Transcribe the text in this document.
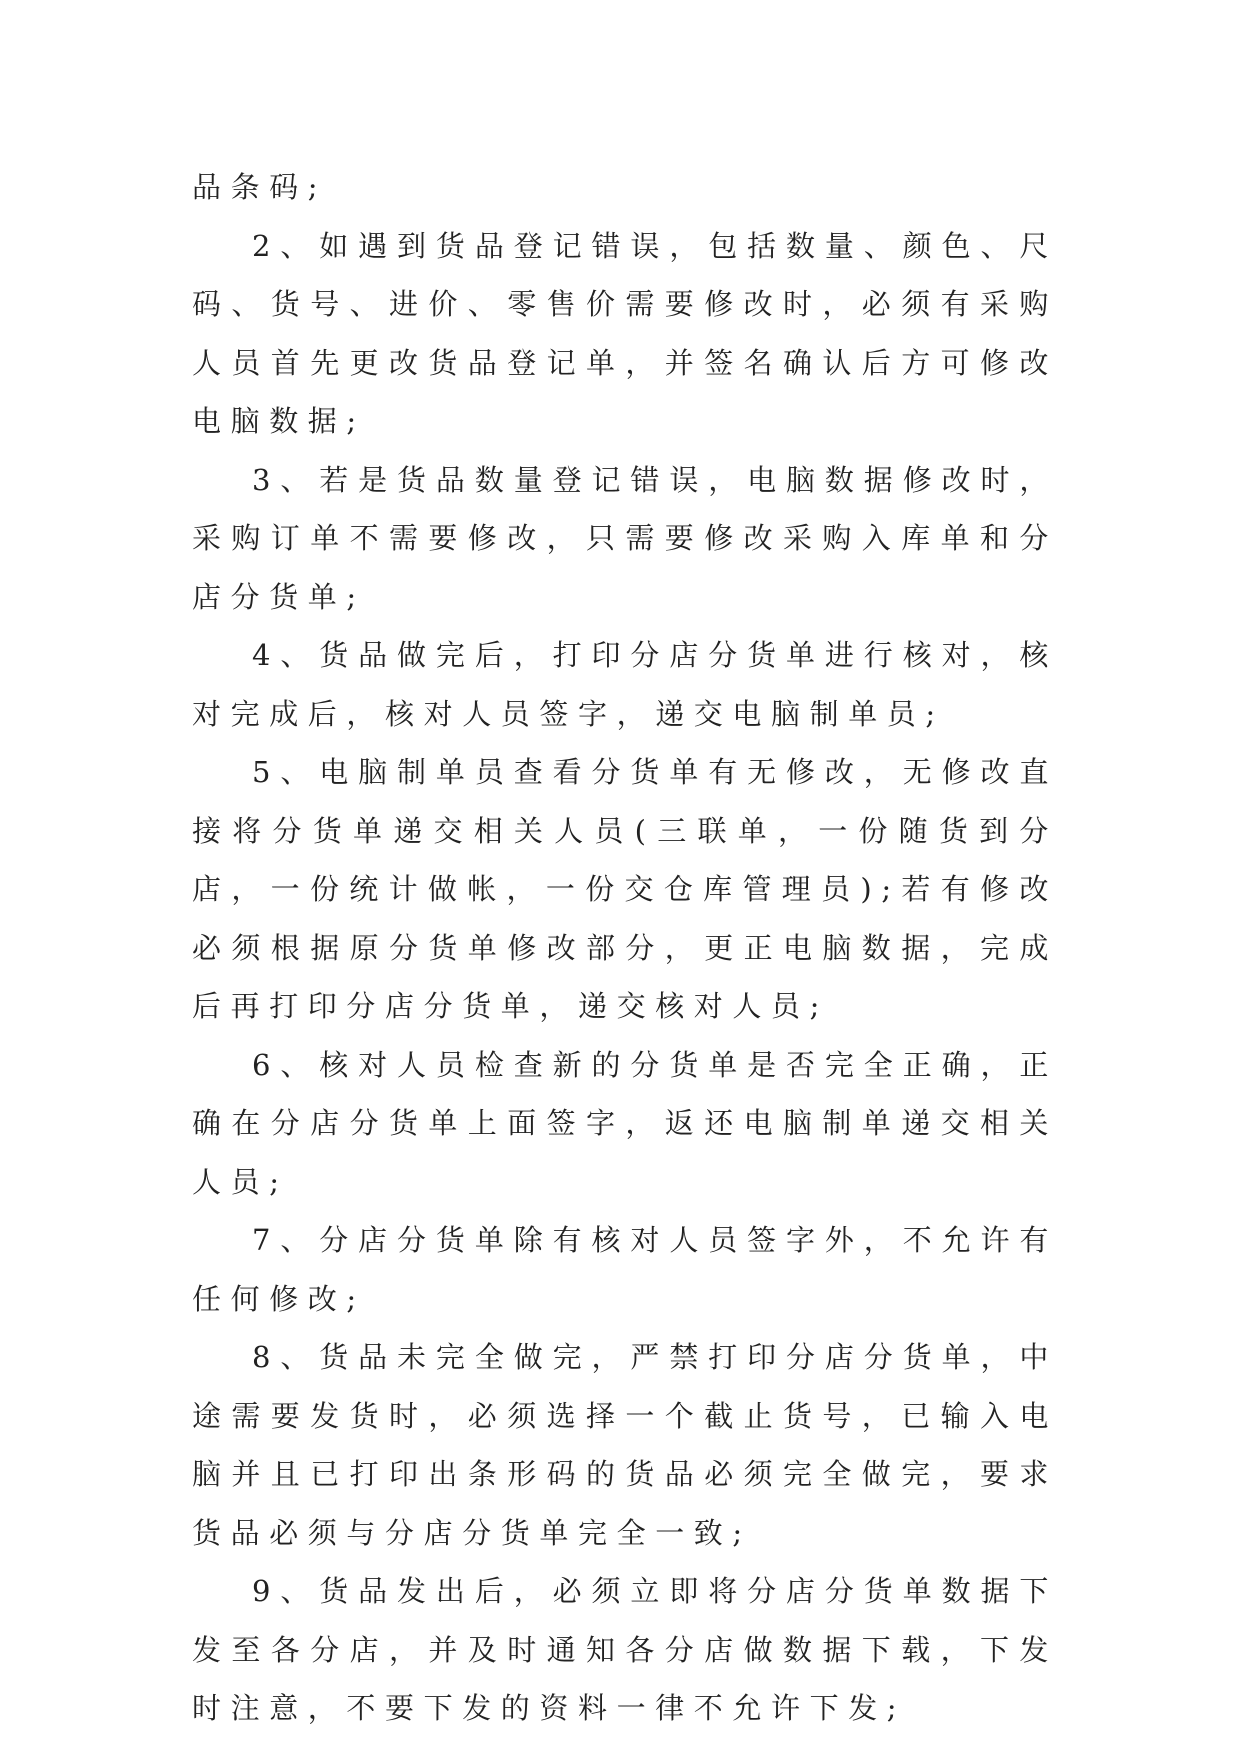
品条码;

2、如遇到货品登记错误，包括数量、颜色、尺码、货号、进价、零售价需要修改时，必须有采购人员首先更改货品登记单，并签名确认后方可修改电脑数据;

3、若是货品数量登记错误，电脑数据修改时，采购订单不需要修改，只需要修改采购入库单和分店分货单;

4、货品做完后，打印分店分货单进行核对，核对完成后，核对人员签字，递交电脑制单员;

5、电脑制单员查看分货单有无修改，无修改直接将分货单递交相关人员(三联单，一份随货到分店，一份统计做帐，一份交仓库管理员);若有修改必须根据原分货单修改部分，更正电脑数据，完成后再打印分店分货单，递交核对人员;

6、核对人员检查新的分货单是否完全正确，正确在分店分货单上面签字，返还电脑制单递交相关人员;

7、分店分货单除有核对人员签字外，不允许有任何修改;

8、货品未完全做完，严禁打印分店分货单，中途需要发货时，必须选择一个截止货号，已输入电脑并且已打印出条形码的货品必须完全做完，要求货品必须与分店分货单完全一致;

9、货品发出后，必须立即将分店分货单数据下发至各分店，并及时通知各分店做数据下载，下发时注意，不要下发的资料一律不允许下发;
